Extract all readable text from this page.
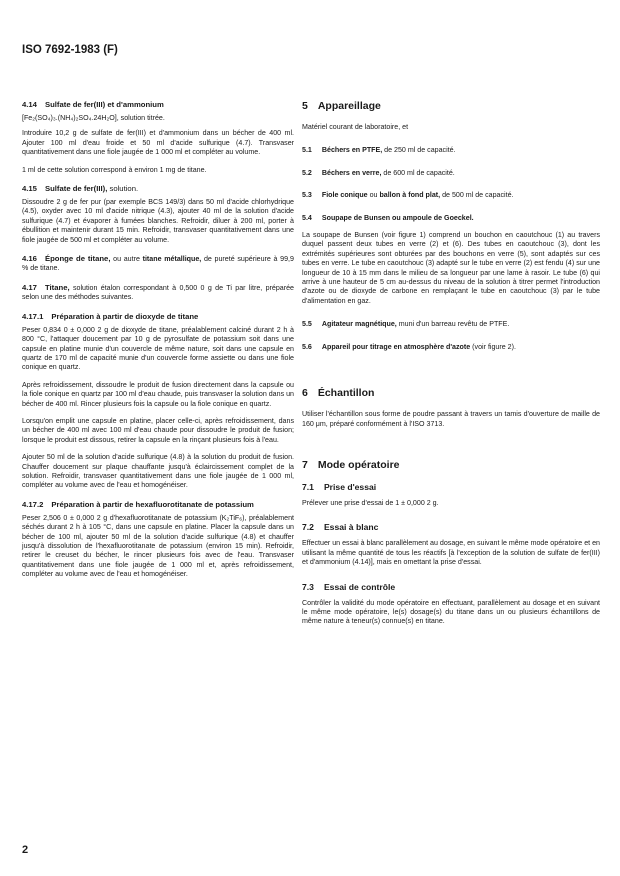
ISO 7692-1983 (F)
4.14 Sulfate de fer(III) et d'ammonium
[Fe₂(SO₄)₃.(NH₄)₂SO₄.24H₂O], solution titrée.
Introduire 10,2 g de sulfate de fer(III) et d'ammonium dans un bécher de 400 ml. Ajouter 100 ml d'eau froide et 50 ml d'acide sulfurique (4.7). Transvaser quantitativement dans une fiole jaugée de 1 000 ml et compléter au volume.
1 ml de cette solution correspond à environ 1 mg de titane.
4.15 Sulfate de fer(III), solution.
Dissoudre 2 g de fer pur (par exemple BCS 149/3) dans 50 ml d'acide chlorhydrique (4.5), oxyder avec 10 ml d'acide nitrique (4.3), ajouter 40 ml de la solution d'acide sulfurique (4.7) et évaporer à fumées blanches. Refroidir, diluer à 200 ml, porter à ébullition et maintenir durant 15 min. Refroidir, transvaser quantitativement dans une fiole jaugée de 500 ml et compléter au volume.
4.16 Éponge de titane, ou autre titane métallique, de pureté supérieure à 99,9 % de titane.
4.17 Titane, solution étalon correspondant à 0,500 0 g de Ti par litre, préparée selon une des méthodes suivantes.
4.17.1 Préparation à partir de dioxyde de titane
Peser 0,834 0 ± 0,000 2 g de dioxyde de titane, préalablement calciné durant 2 h à 800 °C, l'attaquer doucement par 10 g de pyrosulfate de potassium soit dans une capsule en platine munie d'un couvercle de même nature, soit dans une capsule en quartz de 170 ml de capacité munie d'un couvercle forme assiette ou dans une fiole conique en quartz.
Après refroidissement, dissoudre le produit de fusion directement dans la capsule ou la fiole conique en quartz par 100 ml d'eau chaude, puis transvaser la solution dans un bécher de 400 ml. Rincer plusieurs fois la capsule ou la fiole conique en quartz.
Lorsqu'on emplit une capsule en platine, placer celle-ci, après refroidissement, dans un bécher de 400 ml avec 100 ml d'eau chaude pour dissoudre le produit de fusion; lorsque le produit est dissous, retirer la capsule en la rinçant plusieurs fois à l'eau.
Ajouter 50 ml de la solution d'acide sulfurique (4.8) à la solution du produit de fusion. Chauffer doucement sur plaque chauffante jusqu'à éclaircissement complet de la solution. Refroidir, transvaser quantitativement dans une fiole jaugée de 1 000 ml, compléter au volume avec de l'eau et homogénéiser.
4.17.2 Préparation à partir de hexafluorotitanate de potassium
Peser 2,506 0 ± 0,000 2 g d'hexafluorotitanate de potassium (K₂TiF₆), préalablement séchés durant 2 h à 105 °C, dans une capsule en platine. Placer la capsule dans un bécher de 100 ml, ajouter 50 ml de la solution d'acide sulfurique (4.8) et chauffer jusqu'à dissolution de l'hexafluorotitanate de potassium (environ 15 min). Refroidir, retirer le creuset du bécher, le rincer plusieurs fois avec de l'eau. Transvaser quantitativement dans une fiole jaugée de 1 000 ml et, après refroidissement, compléter au volume avec de l'eau et homogénéiser.
5 Appareillage
Matériel courant de laboratoire, et
5.1 Béchers en PTFE, de 250 ml de capacité.
5.2 Béchers en verre, de 600 ml de capacité.
5.3 Fiole conique ou ballon à fond plat, de 500 ml de capacité.
5.4 Soupape de Bunsen ou ampoule de Goeckel.
La soupape de Bunsen (voir figure 1) comprend un bouchon en caoutchouc (1) au travers duquel passent deux tubes en verre (2) et (6). Des tubes en caoutchouc (3), dont les extrémités supérieures sont obturées par des bouchons en verre (5), sont adaptés sur ces tubes en verre. Le tube en caoutchouc (3) adapté sur le tube en verre (2) est fendu (4) sur une longueur de 10 à 15 mm dans le milieu de sa longueur par une lame à rasoir. Le tube (6) qui arrive à une hauteur de 5 cm au-dessus du niveau de la solution à titrer permet l'introduction d'azote ou de dioxyde de carbone en remplaçant le tube en caoutchouc (3) par le tube d'alimentation en gaz.
5.5 Agitateur magnétique, muni d'un barreau revêtu de PTFE.
5.6 Appareil pour titrage en atmosphère d'azote (voir figure 2).
6 Échantillon
Utiliser l'échantillon sous forme de poudre passant à travers un tamis d'ouverture de maille de 160 μm, préparé conformément à l'ISO 3713.
7 Mode opératoire
7.1 Prise d'essai
Prélever une prise d'essai de 1 ± 0,000 2 g.
7.2 Essai à blanc
Effectuer un essai à blanc parallèlement au dosage, en suivant le même mode opératoire et en utilisant la même quantité de tous les réactifs [à l'exception de la solution de sulfate de fer(III) et d'ammonium (4.14)], mais en omettant la prise d'essai.
7.3 Essai de contrôle
Contrôler la validité du mode opératoire en effectuant, parallèlement au dosage et en suivant le même mode opératoire, le(s) dosage(s) du titane dans un ou plusieurs échantillons de même nature à teneur(s) connue(s) en titane.
2
